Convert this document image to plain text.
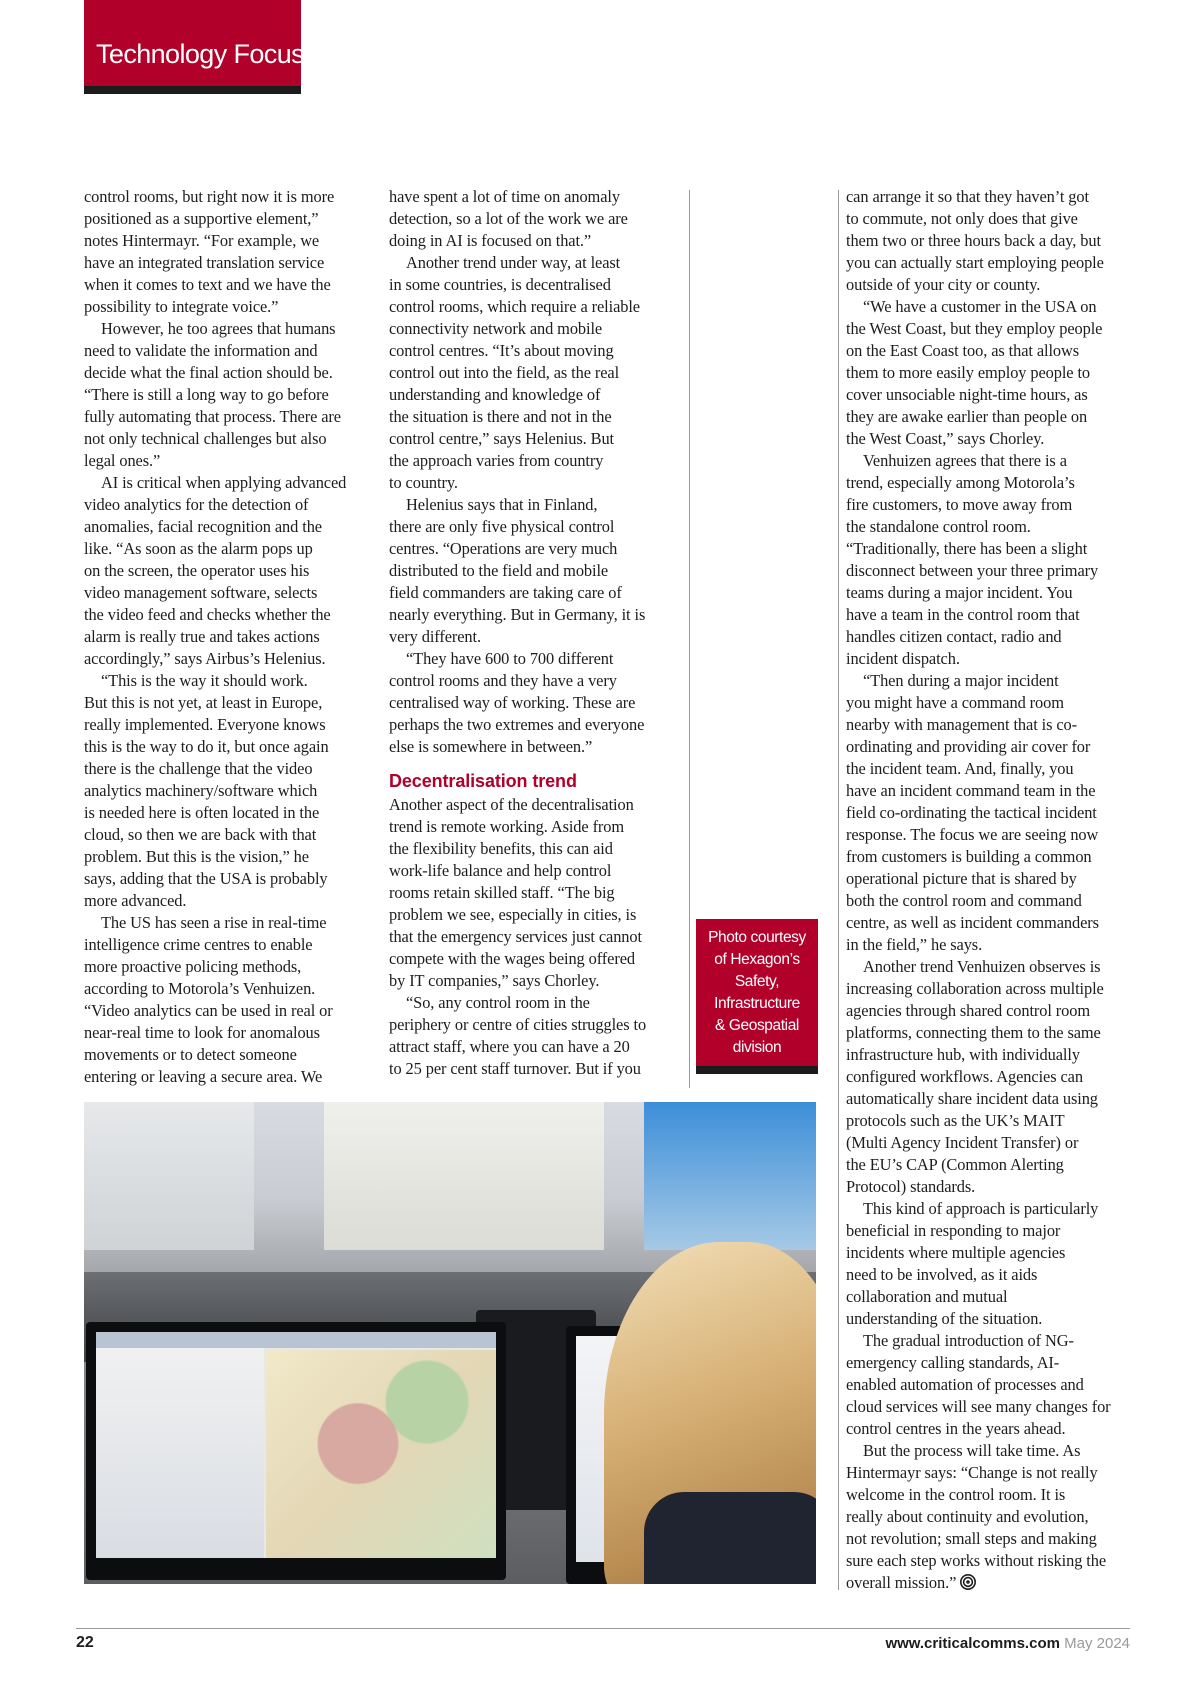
Technology Focus
control rooms, but right now it is more
positioned as a supportive element,”
notes Hintermayr. “For example, we
have an integrated translation service
when it comes to text and we have the
possibility to integrate voice.”
However, he too agrees that humans
need to validate the information and
decide what the final action should be.
“There is still a long way to go before
fully automating that process. There are
not only technical challenges but also
legal ones.”
AI is critical when applying advanced
video analytics for the detection of
anomalies, facial recognition and the
like. “As soon as the alarm pops up
on the screen, the operator uses his
video management software, selects
the video feed and checks whether the
alarm is really true and takes actions
accordingly,” says Airbus’s Helenius.
“This is the way it should work.
But this is not yet, at least in Europe,
really implemented. Everyone knows
this is the way to do it, but once again
there is the challenge that the video
analytics machinery/software which
is needed here is often located in the
cloud, so then we are back with that
problem. But this is the vision,” he
says, adding that the USA is probably
more advanced.
The US has seen a rise in real-time
intelligence crime centres to enable
more proactive policing methods,
according to Motorola’s Venhuizen.
“Video analytics can be used in real or
near-real time to look for anomalous
movements or to detect someone
entering or leaving a secure area. We
have spent a lot of time on anomaly
detection, so a lot of the work we are
doing in AI is focused on that.”
Another trend under way, at least
in some countries, is decentralised
control rooms, which require a reliable
connectivity network and mobile
control centres. “It’s about moving
control out into the field, as the real
understanding and knowledge of
the situation is there and not in the
control centre,” says Helenius. But
the approach varies from country
to country.
Helenius says that in Finland,
there are only five physical control
centres. “Operations are very much
distributed to the field and mobile
field commanders are taking care of
nearly everything. But in Germany, it is
very different.
“They have 600 to 700 different
control rooms and they have a very
centralised way of working. These are
perhaps the two extremes and everyone
else is somewhere in between.”
Decentralisation trend
Another aspect of the decentralisation
trend is remote working. Aside from
the flexibility benefits, this can aid
work-life balance and help control
rooms retain skilled staff. “The big
problem we see, especially in cities, is
that the emergency services just cannot
compete with the wages being offered
by IT companies,” says Chorley.
“So, any control room in the
periphery or centre of cities struggles to
attract staff, where you can have a 20
to 25 per cent staff turnover. But if you
Photo courtesy
of Hexagon’s
Safety,
Infrastructure
& Geospatial
division
can arrange it so that they haven’t got
to commute, not only does that give
them two or three hours back a day, but
you can actually start employing people
outside of your city or county.
“We have a customer in the USA on
the West Coast, but they employ people
on the East Coast too, as that allows
them to more easily employ people to
cover unsociable night-time hours, as
they are awake earlier than people on
the West Coast,” says Chorley.
Venhuizen agrees that there is a
trend, especially among Motorola’s
fire customers, to move away from
the standalone control room.
“Traditionally, there has been a slight
disconnect between your three primary
teams during a major incident. You
have a team in the control room that
handles citizen contact, radio and
incident dispatch.
“Then during a major incident
you might have a command room
nearby with management that is co-
ordinating and providing air cover for
the incident team. And, finally, you
have an incident command team in the
field co-ordinating the tactical incident
response. The focus we are seeing now
from customers is building a common
operational picture that is shared by
both the control room and command
centre, as well as incident commanders
in the field,” he says.
Another trend Venhuizen observes is
increasing collaboration across multiple
agencies through shared control room
platforms, connecting them to the same
infrastructure hub, with individually
configured workflows. Agencies can
automatically share incident data using
protocols such as the UK’s MAIT
(Multi Agency Incident Transfer) or
the EU’s CAP (Common Alerting
Protocol) standards.
This kind of approach is particularly
beneficial in responding to major
incidents where multiple agencies
need to be involved, as it aids
collaboration and mutual
understanding of the situation.
The gradual introduction of NG-
emergency calling standards, AI-
enabled automation of processes and
cloud services will see many changes for
control centres in the years ahead.
But the process will take time. As
Hintermayr says: “Change is not really
welcome in the control room. It is
really about continuity and evolution,
not revolution; small steps and making
sure each step works without risking the
overall mission.”
22	www.criticalcomms.com May 2024
